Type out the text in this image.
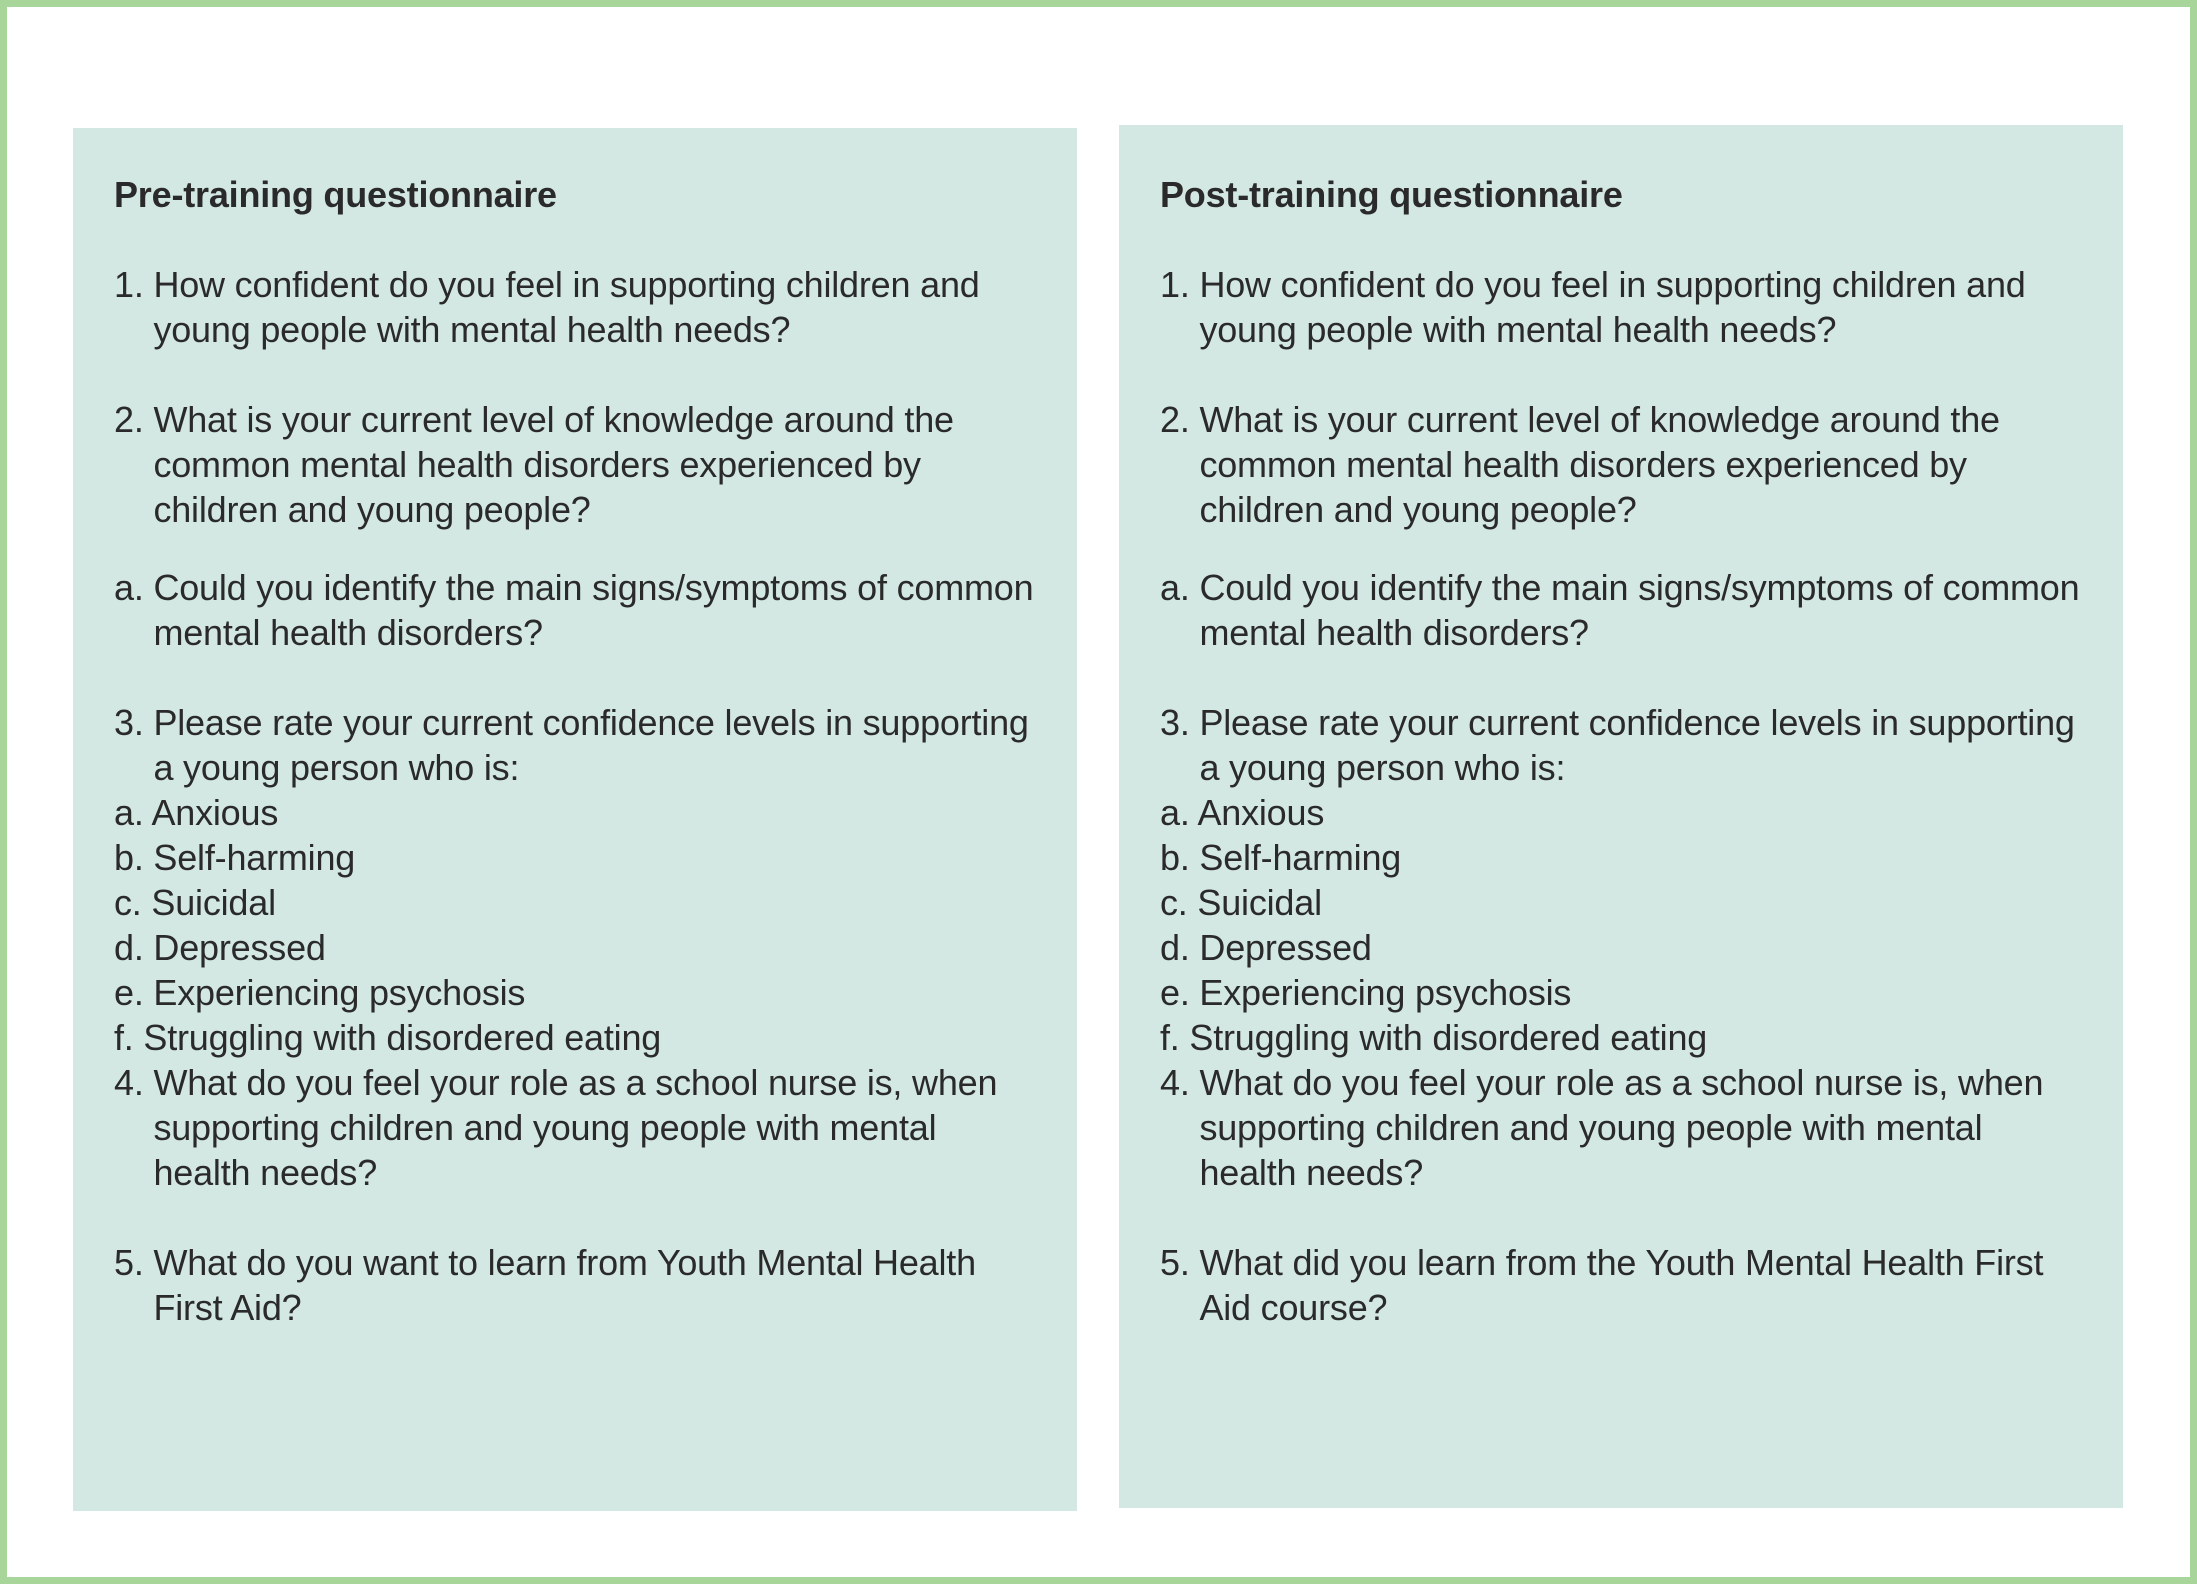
Pre-training questionnaire
1. How confident do you feel in supporting children and young people with mental health needs?
2. What is your current level of knowledge around the common mental health disorders experienced by children and young people?
a. Could you identify the main signs/symptoms of common mental health disorders?
3. Please rate your current confidence levels in supporting a young person who is:
a. Anxious
b. Self-harming
c. Suicidal
d. Depressed
e. Experiencing psychosis
f. Struggling with disordered eating
4. What do you feel your role as a school nurse is, when supporting children and young people with mental health needs?
5. What do you want to learn from Youth Mental Health First Aid?
Post-training questionnaire
1. How confident do you feel in supporting children and young people with mental health needs?
2. What is your current level of knowledge around the common mental health disorders experienced by children and young people?
a. Could you identify the main signs/symptoms of common mental health disorders?
3. Please rate your current confidence levels in supporting a young person who is:
a. Anxious
b. Self-harming
c. Suicidal
d. Depressed
e. Experiencing psychosis
f. Struggling with disordered eating
4. What do you feel your role as a school nurse is, when supporting children and young people with mental health needs?
5. What did you learn from the Youth Mental Health First Aid course?
